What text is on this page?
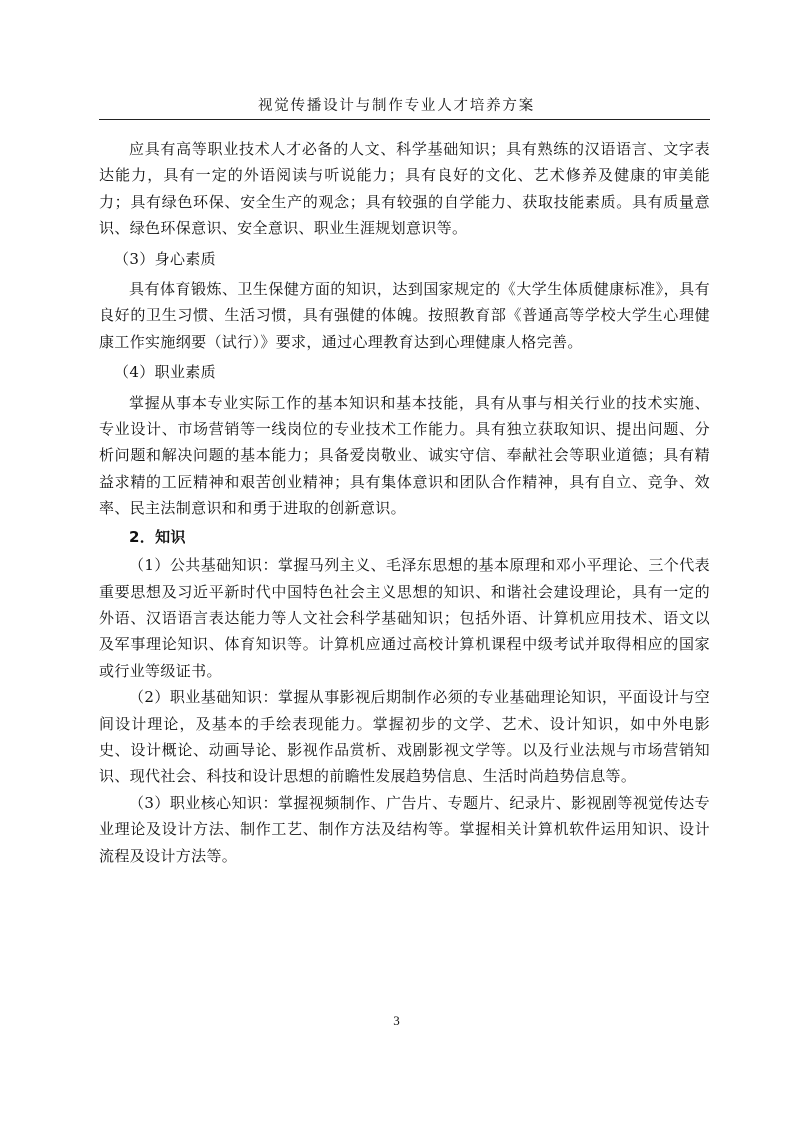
视觉传播设计与制作专业人才培养方案

应具有高等职业技术人才必备的人文、科学基础知识；具有熟练的汉语语言、文字表达能力，具有一定的外语阅读与听说能力；具有良好的文化、艺术修养及健康的审美能力；具有绿色环保、安全生产的观念；具有较强的自学能力、获取技能素质。具有质量意识、绿色环保意识、安全意识、职业生涯规划意识等。

（3）身心素质

具有体育锻炼、卫生保健方面的知识，达到国家规定的《大学生体质健康标准》，具有良好的卫生习惯、生活习惯，具有强健的体魄。按照教育部《普通高等学校大学生心理健康工作实施纲要（试行）》要求，通过心理教育达到心理健康人格完善。

（4）职业素质

掌握从事本专业实际工作的基本知识和基本技能，具有从事与相关行业的技术实施、专业设计、市场营销等一线岗位的专业技术工作能力。具有独立获取知识、提出问题、分析问题和解决问题的基本能力；具备爱岗敬业、诚实守信、奉献社会等职业道德；具有精益求精的工匠精神和艰苦创业精神；具有集体意识和团队合作精神，具有自立、竞争、效率、民主法制意识和和勇于进取的创新意识。

2．知识

（1）公共基础知识：掌握马列主义、毛泽东思想的基本原理和邓小平理论、三个代表重要思想及习近平新时代中国特色社会主义思想的知识、和谐社会建设理论，具有一定的外语、汉语语言表达能力等人文社会科学基础知识；包括外语、计算机应用技术、语文以及军事理论知识、体育知识等。计算机应通过高校计算机课程中级考试并取得相应的国家或行业等级证书。

（2）职业基础知识：掌握从事影视后期制作必须的专业基础理论知识，平面设计与空间设计理论，及基本的手绘表现能力。掌握初步的文学、艺术、设计知识，如中外电影史、设计概论、动画导论、影视作品赏析、戏剧影视文学等。以及行业法规与市场营销知识、现代社会、科技和设计思想的前瞻性发展趋势信息、生活时尚趋势信息等。

（3）职业核心知识：掌握视频制作、广告片、专题片、纪录片、影视剧等视觉传达专业理论及设计方法、制作工艺、制作方法及结构等。掌握相关计算机软件运用知识、设计流程及设计方法等。

3
